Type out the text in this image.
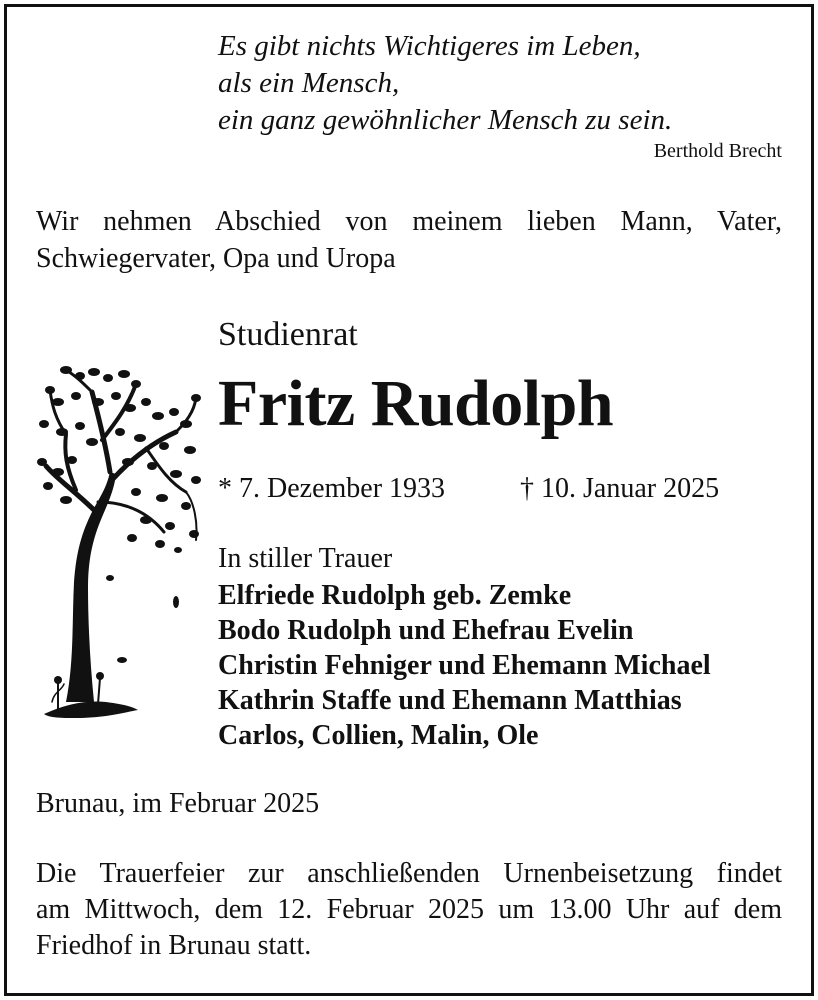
Es gibt nichts Wichtigeres im Leben,
als ein Mensch,
ein ganz gewöhnlicher Mensch zu sein.
Berthold Brecht
Wir nehmen Abschied von meinem lieben Mann, Vater,
Schwiegervater, Opa und Uropa
Studienrat
Fritz Rudolph
* 7. Dezember 1933	† 10. Januar 2025
In stiller Trauer
Elfriede Rudolph geb. Zemke
Bodo Rudolph und Ehefrau Evelin
Christin Fehniger und Ehemann Michael
Kathrin Staffe und Ehemann Matthias
Carlos, Collien, Malin, Ole
Brunau, im Februar 2025
Die Trauerfeier zur anschließenden Urnenbeisetzung findet
am Mittwoch, dem 12. Februar 2025 um 13.00 Uhr auf dem
Friedhof in Brunau statt.
